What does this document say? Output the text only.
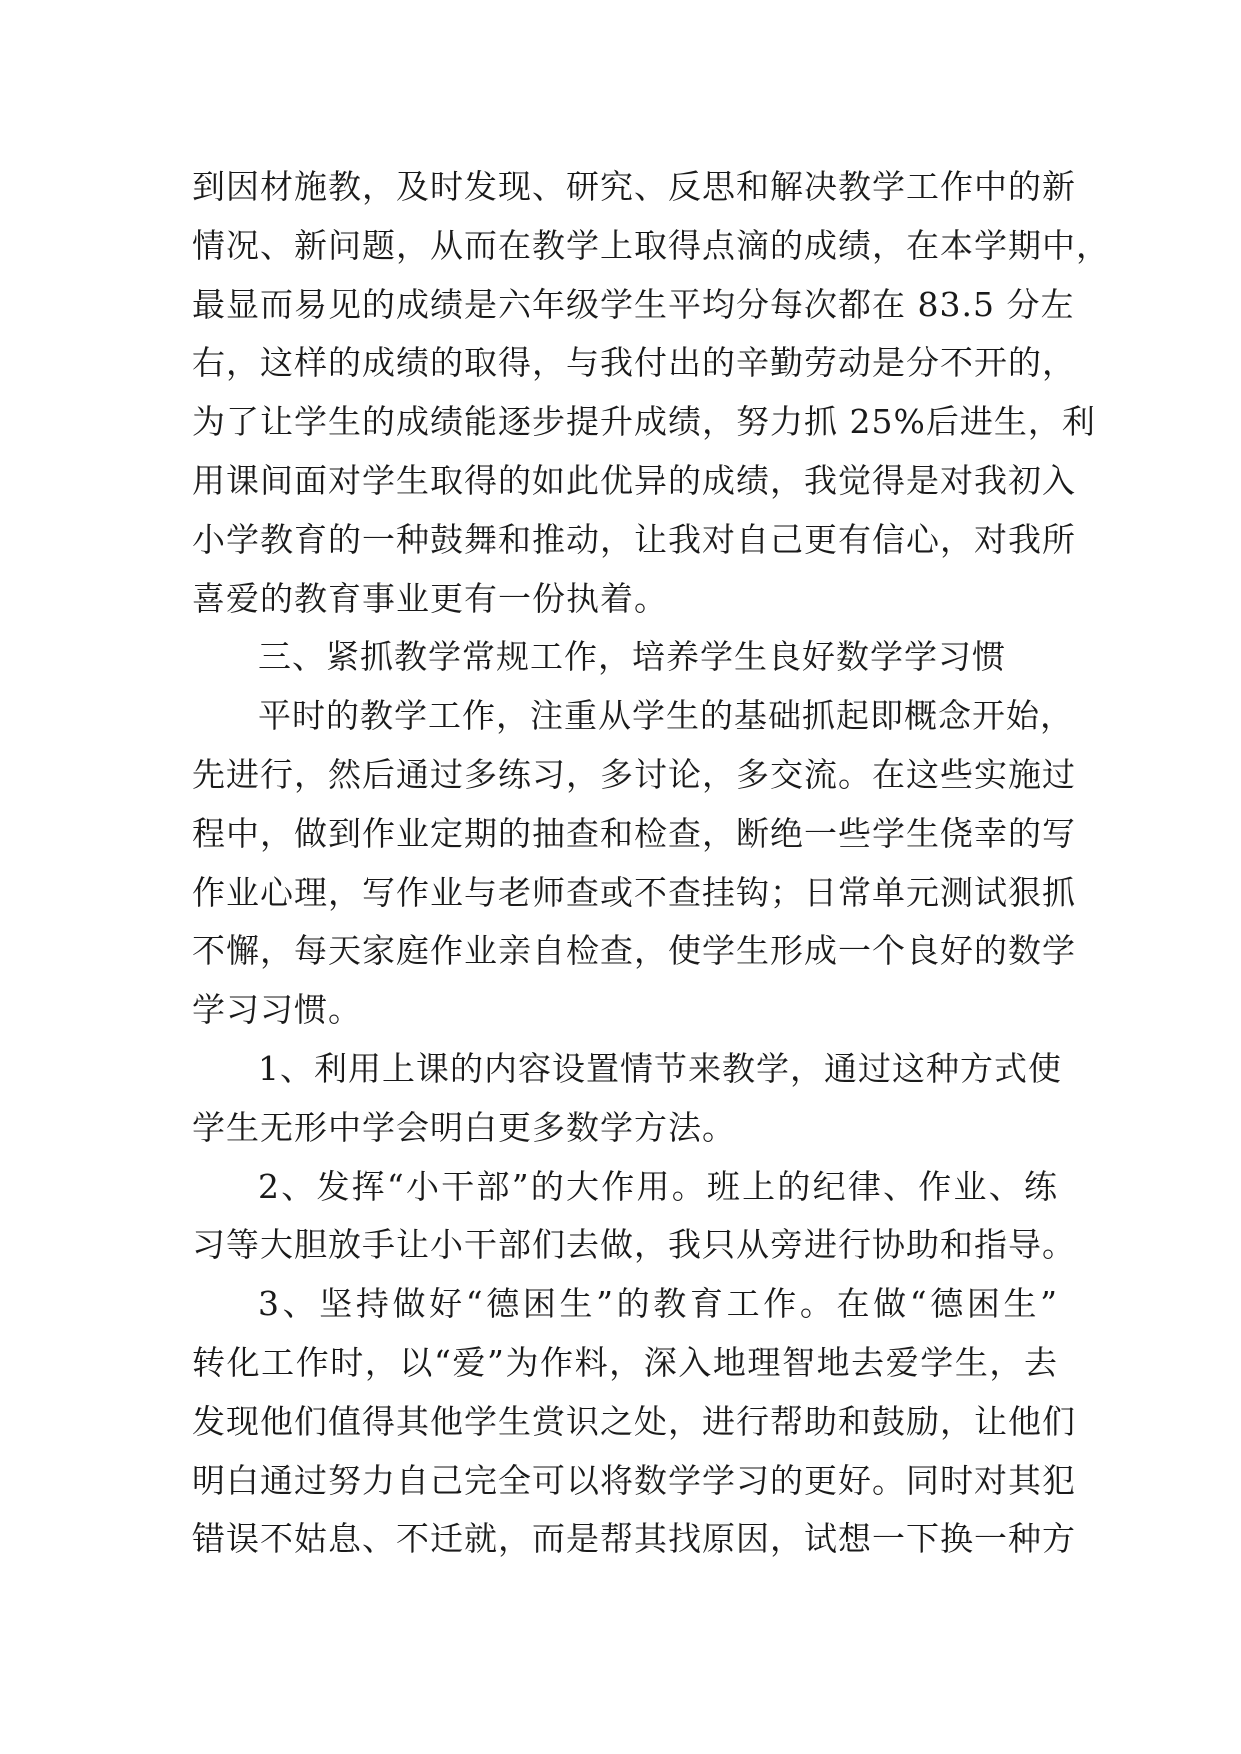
到因材施教，及时发现、研究、反思和解决教学工作中的新
情况、新问题，从而在教学上取得点滴的成绩，在本学期中，
最显而易见的成绩是六年级学生平均分每次都在 83.5 分左
右，这样的成绩的取得，与我付出的辛勤劳动是分不开的，
为了让学生的成绩能逐步提升成绩，努力抓 25%后进生，利
用课间面对学生取得的如此优异的成绩，我觉得是对我初入
小学教育的一种鼓舞和推动，让我对自己更有信心，对我所
喜爱的教育事业更有一份执着。
三、紧抓教学常规工作，培养学生良好数学学习惯
平时的教学工作，注重从学生的基础抓起即概念开始，
先进行，然后通过多练习，多讨论，多交流。在这些实施过
程中，做到作业定期的抽查和检查，断绝一些学生侥幸的写
作业心理，写作业与老师查或不查挂钩；日常单元测试狠抓
不懈，每天家庭作业亲自检查，使学生形成一个良好的数学
学习习惯。
1、利用上课的内容设置情节来教学，通过这种方式使
学生无形中学会明白更多数学方法。
2、发挥“小干部”的大作用。班上的纪律、作业、练
习等大胆放手让小干部们去做，我只从旁进行协助和指导。
3、坚持做好“德困生”的教育工作。在做“德困生”
转化工作时，以“爱”为作料，深入地理智地去爱学生，去
发现他们值得其他学生赏识之处，进行帮助和鼓励，让他们
明白通过努力自己完全可以将数学学习的更好。同时对其犯
错误不姑息、不迁就，而是帮其找原因，试想一下换一种方
